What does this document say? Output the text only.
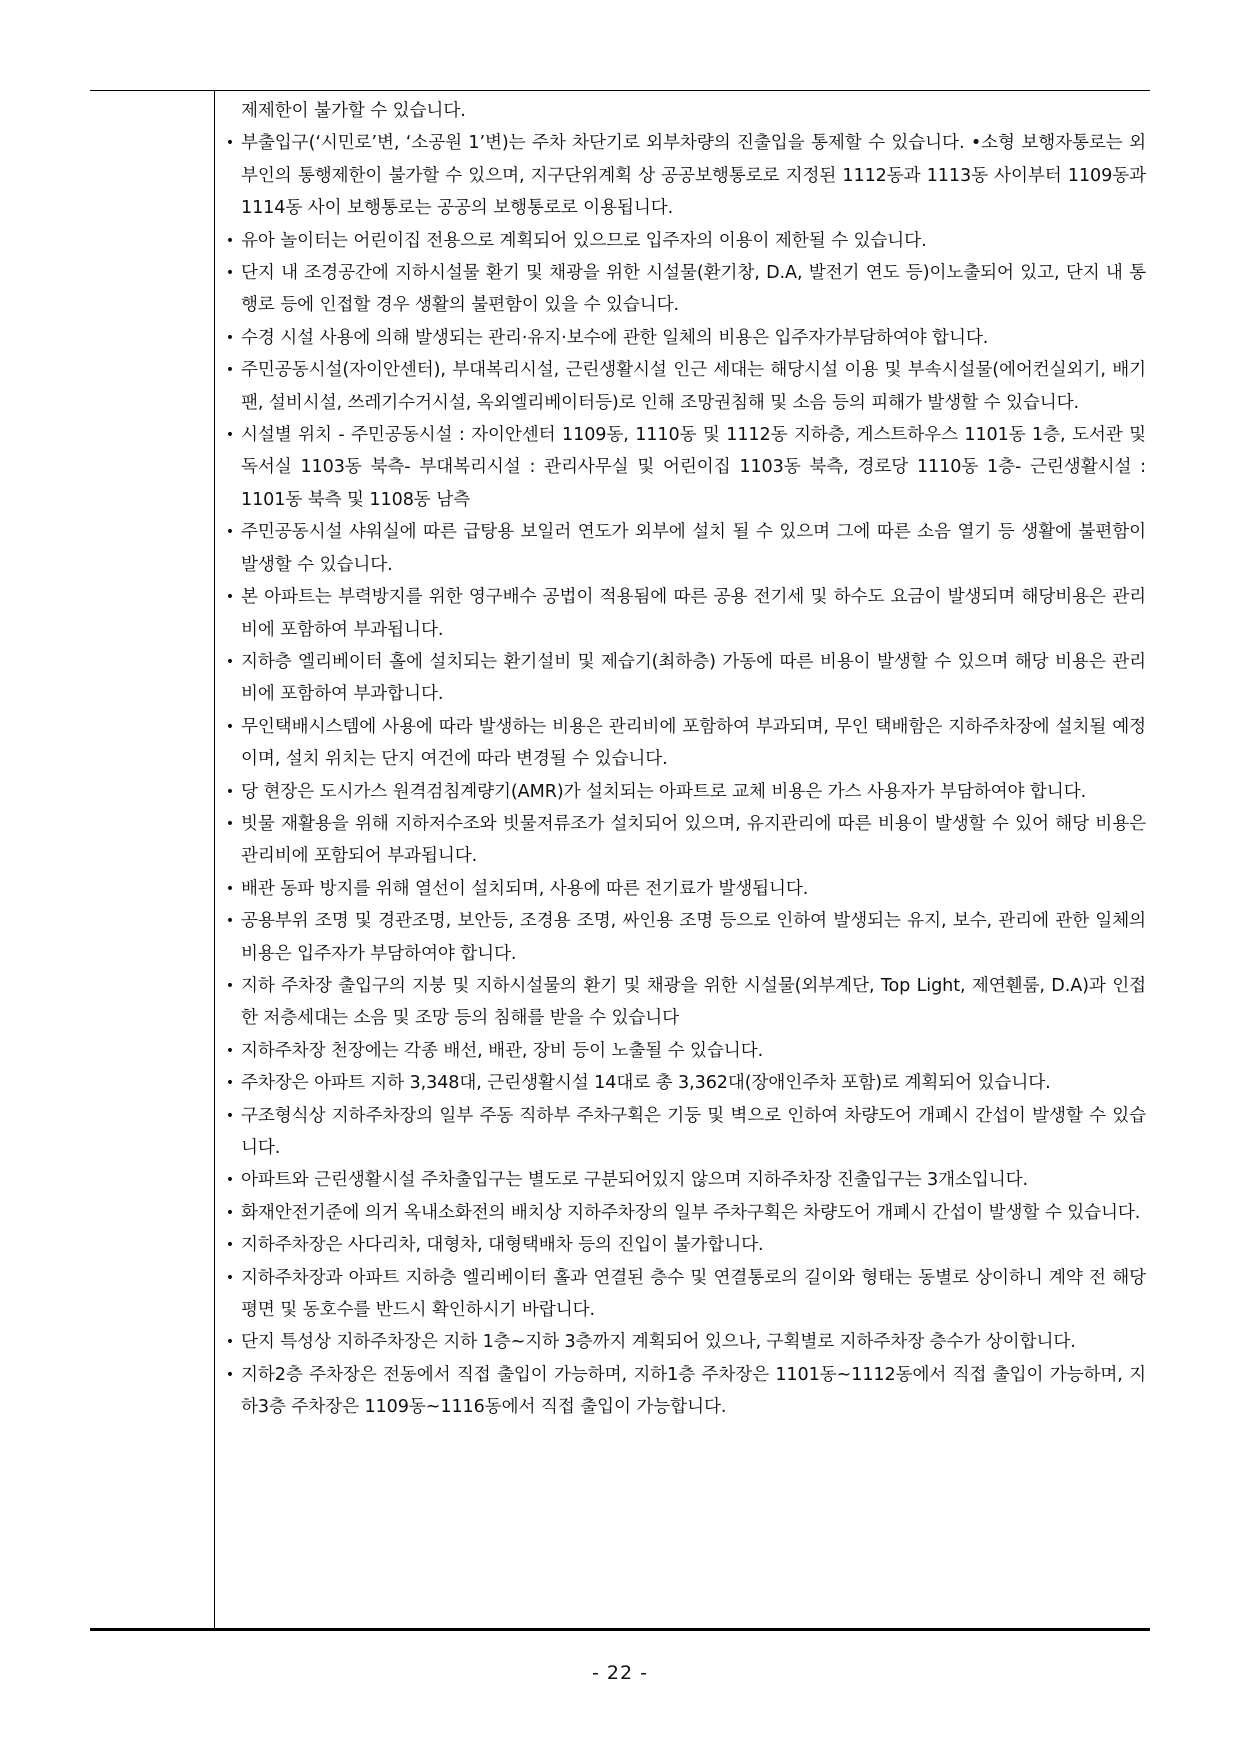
제제한이 불가할 수 있습니다.
• 부출입구(‘시민로’변, ‘소공원 1’변)는 주차 차단기로 외부차량의 진출입을 통제할 수 있습니다. •소형 보행자통로는 외부인의 통행제한이 불가할 수 있으며, 지구단위계획 상 공공보행통로로 지정된 1112동과 1113동 사이부터 1109동과 1114동 사이 보행통로는 공공의 보행통로로 이용됩니다.
• 유아 놀이터는 어린이집 전용으로 계획되어 있으므로 입주자의 이용이 제한될 수 있습니다.
• 단지 내 조경공간에 지하시설물 환기 및 채광을 위한 시설물(환기창, D.A, 발전기 연도 등)이노출되어 있고, 단지 내 통행로 등에 인접할 경우 생활의 불편함이 있을 수 있습니다.
• 수경 시설 사용에 의해 발생되는 관리·유지·보수에 관한 일체의 비용은 입주자가부담하여야 합니다.
• 주민공동시설(자이안센터), 부대복리시설, 근린생활시설 인근 세대는 해당시설 이용 및 부속시설물(에어컨실외기, 배기팬, 설비시설, 쓰레기수거시설, 옥외엘리베이터등)로 인해 조망권침해 및 소음 등의 피해가 발생할 수 있습니다.
• 시설별 위치 - 주민공동시설 : 자이안센터 1109동, 1110동 및 1112동 지하층, 게스트하우스 1101동 1층, 도서관 및 독서실 1103동 북측- 부대복리시설 : 관리사무실 및 어린이집 1103동 북측, 경로당 1110동 1층- 근린생활시설 : 1101동 북측 및 1108동 남측
• 주민공동시설 샤워실에 따른 급탕용 보일러 연도가 외부에 설치 될 수 있으며 그에 따른 소음 열기 등 생활에 불편함이 발생할 수 있습니다.
• 본 아파트는 부력방지를 위한 영구배수 공법이 적용됨에 따른 공용 전기세 및 하수도 요금이 발생되며 해당비용은 관리비에 포함하여 부과됩니다.
• 지하층 엘리베이터 홀에 설치되는 환기설비 및 제습기(최하층) 가동에 따른 비용이 발생할 수 있으며 해당 비용은 관리비에 포함하여 부과합니다.
• 무인택배시스템에 사용에 따라 발생하는 비용은 관리비에 포함하여 부과되며, 무인 택배함은 지하주차장에 설치될 예정이며, 설치 위치는 단지 여건에 따라 변경될 수 있습니다.
• 당 현장은 도시가스 원격검침계량기(AMR)가 설치되는 아파트로 교체 비용은 가스 사용자가 부담하여야 합니다.
• 빗물 재활용을 위해 지하저수조와 빗물저류조가 설치되어 있으며, 유지관리에 따른 비용이 발생할 수 있어 해당 비용은 관리비에 포함되어 부과됩니다.
• 배관 동파 방지를 위해 열선이 설치되며, 사용에 따른 전기료가 발생됩니다.
• 공용부위 조명 및 경관조명, 보안등, 조경용 조명, 싸인용 조명 등으로 인하여 발생되는 유지, 보수, 관리에 관한 일체의 비용은 입주자가 부담하여야 합니다.
• 지하 주차장 출입구의 지붕 및 지하시설물의 환기 및 채광을 위한 시설물(외부계단, Top Light, 제연휀룸, D.A)과 인접한 저층세대는 소음 및 조망 등의 침해를 받을 수 있습니다
• 지하주차장 천장에는 각종 배선, 배관, 장비 등이 노출될 수 있습니다.
• 주차장은 아파트 지하 3,348대, 근린생활시설 14대로 총 3,362대(장애인주차 포함)로 계획되어 있습니다.
• 구조형식상 지하주차장의 일부 주동 직하부 주차구획은 기둥 및 벽으로 인하여 차량도어 개폐시 간섭이 발생할 수 있습니다.
• 아파트와 근린생활시설 주차출입구는 별도로 구분되어있지 않으며 지하주차장 진출입구는 3개소입니다.
• 화재안전기준에 의거 옥내소화전의 배치상 지하주차장의 일부 주차구획은 차량도어 개폐시 간섭이 발생할 수 있습니다.
• 지하주차장은 사다리차, 대형차, 대형택배차 등의 진입이 불가합니다.
• 지하주차장과 아파트 지하층 엘리베이터 홀과 연결된 층수 및 연결통로의 길이와 형태는 동별로 상이하니 계약 전 해당 평면 및 동호수를 반드시 확인하시기 바랍니다.
• 단지 특성상 지하주차장은 지하 1층~지하 3층까지 계획되어 있으나, 구획별로 지하주차장 층수가 상이합니다.
• 지하2층 주차장은 전동에서 직접 출입이 가능하며, 지하1층 주차장은 1101동~1112동에서 직접 출입이 가능하며, 지하3층 주차장은 1109동~1116동에서 직접 출입이 가능합니다.
- 22 -
